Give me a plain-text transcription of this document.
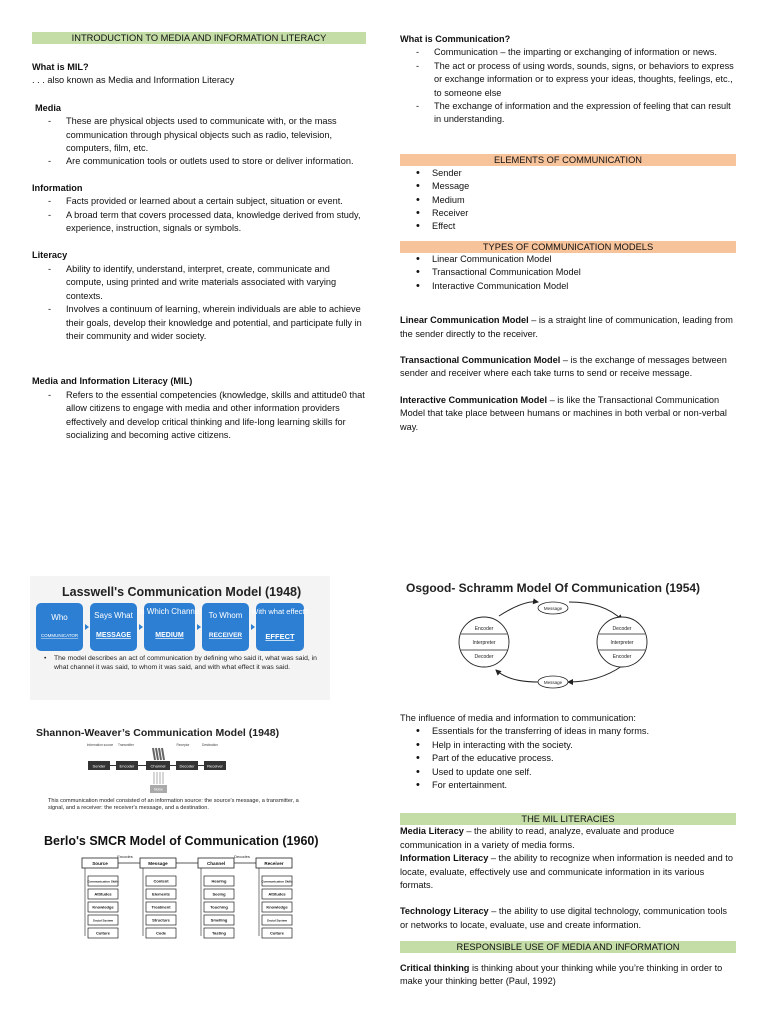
INTRODUCTION TO MEDIA AND INFORMATION LITERACY

What is MIL?

. . . also known as Media and Information Literacy

Media

- These are physical objects used to communicate with, or the mass communication through physical objects such as radio, television, computers, film, etc.
- Are communication tools or outlets used to store or deliver information.

Information

- Facts provided or learned about a certain subject, situation or event.
- A broad term that covers processed data, knowledge derived from study, experience, instruction, signals or symbols.

Literacy

- Ability to identify, understand, interpret, create, communicate and compute, using printed and write materials associated with varying contexts.
- Involves a continuum of learning, wherein individuals are able to achieve their goals, develop their knowledge and potential, and participate fully in their community and wider society.

Media and Information Literacy (MIL)

- Refers to the essential competencies (knowledge, skills and attitude0 that allow citizens to engage with media and other information providers effectively and develop critical thinking and life-long learning skills for socializing and becoming active citizens.

What is Communication?

- Communication – the imparting or exchanging of information or news.
- The act or process of using words, sounds, signs, or behaviors to express or exchange information or to express your ideas, thoughts, feelings, etc., to someone else
- The exchange of information and the expression of feeling that can result in understanding.
ELEMENTS OF COMMUNICATION
• Sender
• Message
• Medium
• Receiver
• Effect
TYPES OF COMMUNICATION MODELS
• Linear Communication Model
• Transactional Communication Model
• Interactive Communication Model

Linear Communication Model – is a straight line of communication, leading from the sender directly to the receiver.

Transactional Communication Model – is the exchange of messages between sender and receiver where each take turns to send or receive message.

Interactive Communication Model – is like the Transactional Communication Model that take place between humans or machines in both verbal or non-verbal way.

The influence of media and information to communication:

• Essentials for the transferring of ideas in many forms.
• Help in interacting with the society.
• Part of the educative process.
• Used to update one self.
• For entertainment.
THE MIL LITERACIES

Media Literacy – the ability to read, analyze, evaluate and produce communication in a variety of media forms.

Information Literacy – the ability to recognize when information is needed and to locate, evaluate, effectively use and communicate information in its various formats.

Technology Literacy – the ability to use digital technology, communication tools or networks to locate, evaluate, use and create information.

RESPONSIBLE USE OF MEDIA AND INFORMATION

Critical thinking is thinking about your thinking while you’re thinking in order to make your thinking better (Paul, 1992)

Lasswell's Communication Model (1948)
Who
COMMUNICATOR
Says What
MESSAGE
In Which Channel
MEDIUM
To Whom
RECEIVER
With what effect?
EFFECT
• The model describes an act of communication by defining who said it, what was said, in what channel it was said, to whom it was said, and with what effect it was said.
Shannon-Weaver’s Communication Model (1948)
Information source Transmitter	Receptor	Destination
Sender	Encoder	Channel	Decoder	Receiver
Noise
This communication model consisted of an information source: the source's message, a transmitter, a signal, and a receiver: the receiver's message, and a destination.
Berlo's SMCR Model of Communication (1960)
Source
Communication Skills
Attitudes
Knowledge
Social System
Culture
Message
Content
Elements
Treatment
Structure
Code
Channel
Hearing
Seeing
Touching
Smelling
Tasting
Receiver
Communication Skills
Attitudes
Knowledge
Social System
Culture
Encodes	Decodes
Osgood- Schramm Model Of Communication (1954)
Message
Message
Encoder
Interpreter
Decoder
Decoder
Interpreter
Encoder
